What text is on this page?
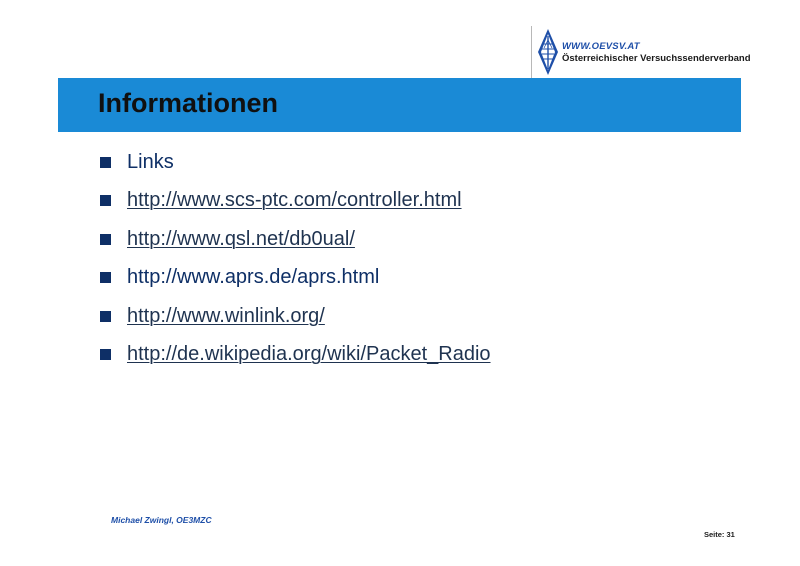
WWW.OEVSV.AT
Österreichischer Versuchssenderverband
Informationen
Links
http://www.scs-ptc.com/controller.html
http://www.qsl.net/db0ual/
http://www.aprs.de/aprs.html
http://www.winlink.org/
http://de.wikipedia.org/wiki/Packet_Radio
Michael Zwingl, OE3MZC
Seite: 31
